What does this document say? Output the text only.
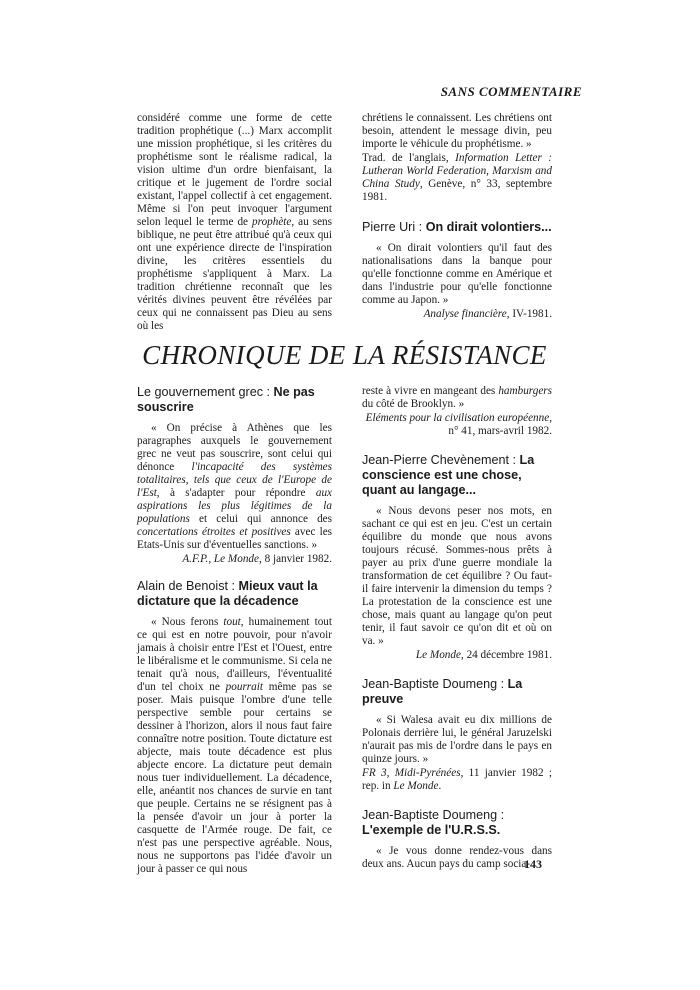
SANS COMMENTAIRE

considéré comme une forme de cette tradition prophétique (...) Marx accomplit une mission prophétique, si les critères du prophétisme sont le réalisme radical, la vision ultime d'un ordre bienfaisant, la critique et le jugement de l'ordre social existant, l'appel collectif à cet engagement. Même si l'on peut invoquer l'argument selon lequel le terme de prophète, au sens biblique, ne peut être attribué qu'à ceux qui ont une expérience directe de l'inspiration divine, les critères essentiels du prophétisme s'appliquent à Marx. La tradition chrétienne reconnaît que les vérités divines peuvent être révélées par ceux qui ne connaissent pas Dieu au sens où les

chrétiens le connaissent. Les chrétiens ont besoin, attendent le message divin, peu importe le véhicule du prophétisme. »

Trad. de l'anglais, Information Letter : Lutheran World Federation, Marxism and China Study, Genève, n° 33, septembre 1981.

Pierre Uri : On dirait volontiers...

« On dirait volontiers qu'il faut des nationalisations dans la banque pour qu'elle fonctionne comme en Amérique et dans l'industrie pour qu'elle fonctionne comme au Japon. »

Analyse financière, IV-1981.

CHRONIQUE DE LA RÉSISTANCE
Le gouvernement grec : Ne pas souscrire

« On précise à Athènes que les paragraphes auxquels le gouvernement grec ne veut pas souscrire, sont celui qui dénonce l'incapacité des systèmes totalitaires, tels que ceux de l'Europe de l'Est, à s'adapter pour répondre aux aspirations les plus légitimes de la populations et celui qui annonce des concertations étroites et positives avec les Etats-Unis sur d'éventuelles sanctions. »

A.F.P., Le Monde, 8 janvier 1982.

Alain de Benoist : Mieux vaut la dictature que la décadence

« Nous ferons tout, humainement tout ce qui est en notre pouvoir, pour n'avoir jamais à choisir entre l'Est et l'Ouest, entre le libéralisme et le communisme. Si cela ne tenait qu'à nous, d'ailleurs, l'éventualité d'un tel choix ne pourrait même pas se poser. Mais puisque l'ombre d'une telle perspective semble pour certains se dessiner à l'horizon, alors il nous faut faire connaître notre position. Toute dictature est abjecte, mais toute décadence est plus abjecte encore. La dictature peut demain nous tuer individuellement. La décadence, elle, anéantit nos chances de survie en tant que peuple. Certains ne se résignent pas à la pensée d'avoir un jour à porter la casquette de l'Armée rouge. De fait, ce n'est pas une perspective agréable. Nous, nous ne supportons pas l'idée d'avoir un jour à passer ce qui nous

reste à vivre en mangeant des hamburgers du côté de Brooklyn. »

Eléments pour la civilisation européenne, n° 41, mars-avril 1982.

Jean-Pierre Chevènement : La conscience est une chose, quant au langage...

« Nous devons peser nos mots, en sachant ce qui est en jeu. C'est un certain équilibre du monde que nous avons toujours récusé. Sommes-nous prêts à payer au prix d'une guerre mondiale la transformation de cet équilibre ? Ou faut-il faire intervenir la dimension du temps ? La protestation de la conscience est une chose, mais quant au langage qu'on peut tenir, il faut savoir ce qu'on dit et où on va. »

Le Monde, 24 décembre 1981.

Jean-Baptiste Doumeng : La preuve

« Si Walesa avait eu dix millions de Polonais derrière lui, le général Jaruzelski n'aurait pas mis de l'ordre dans le pays en quinze jours. »

FR 3, Midi-Pyrénées, 11 janvier 1982 ; rep. in Le Monde.

Jean-Baptiste Doumeng : L'exemple de l'U.R.S.S.

« Je vous donne rendez-vous dans deux ans. Aucun pays du camp socia-

143
